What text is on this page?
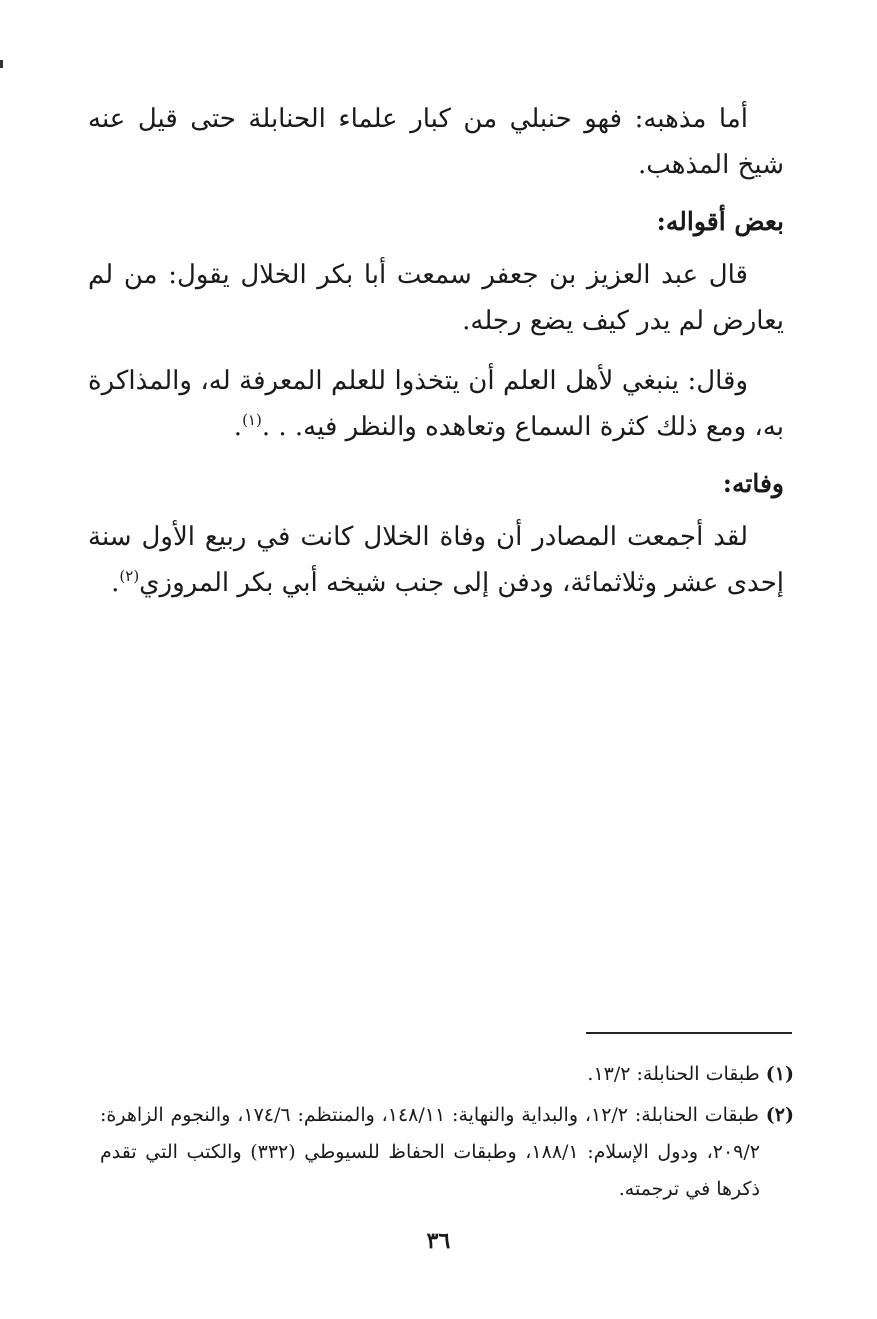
أما مذهبه: فهو حنبلي من كبار علماء الحنابلة حتى قيل عنه شيخ المذهب.

بعض أقواله:

قال عبد العزيز بن جعفر سمعت أبا بكر الخلال يقول: من لم يعارض لم يدر كيف يضع رجله.

وقال: ينبغي لأهل العلم أن يتخذوا للعلم المعرفة له، والمذاكرة به، ومع ذلك كثرة السماع وتعاهده والنظر فيه. . .$^{(١)}$.

وفاته:

لقد أجمعت المصادر أن وفاة الخلال كانت في ربيع الأول سنة إحدى عشر وثلاثمائة، ودفن إلى جنب شيخه أبي بكر المروزي$^{(٢)}$.

(١) طبقات الحنابلة: ١٣/٢.

(٢) طبقات الحنابلة: ١٢/٢، والبداية والنهاية: ١٤٨/١١، والمنتظم: ١٧٤/٦، والنجوم الزاهرة: ٢٠٩/٢، ودول الإسلام: ١٨٨/١، وطبقات الحفاظ للسيوطي (٣٣٢) والكتب التي تقدم ذكرها في ترجمته.

٣٦
